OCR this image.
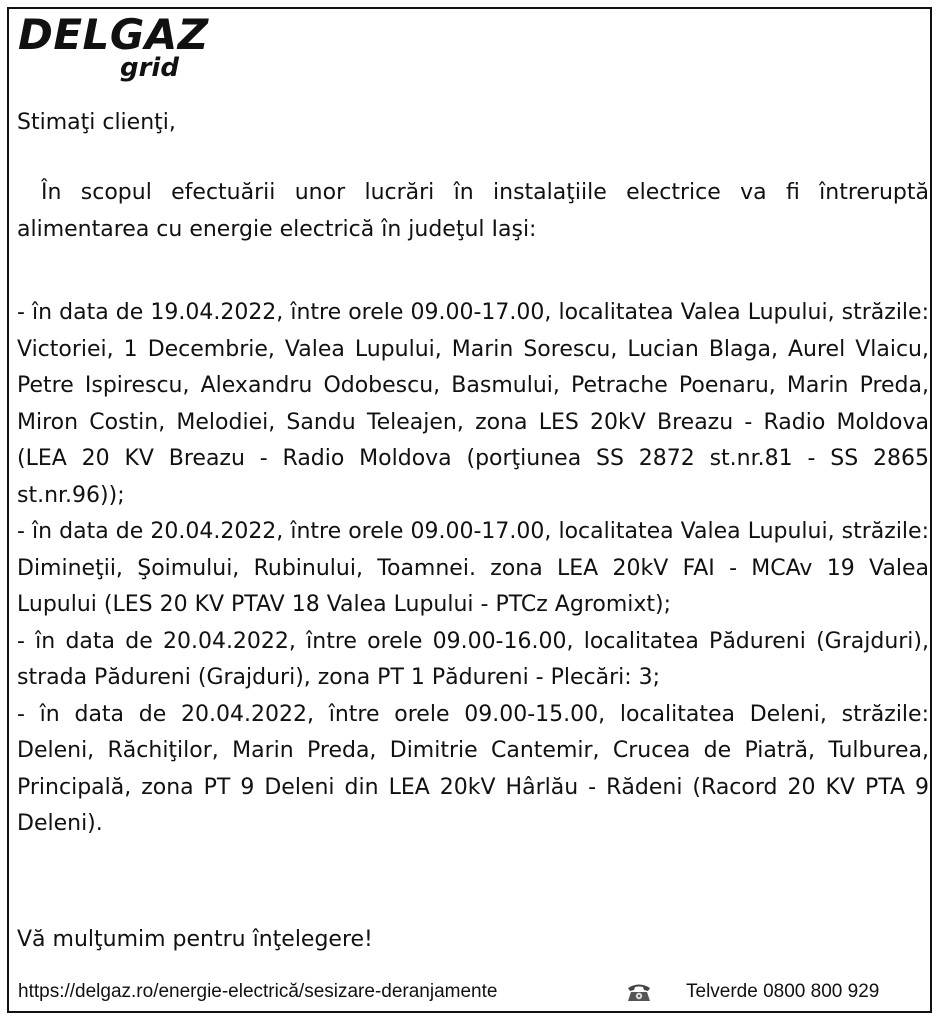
DELGAZ
grid

Stimaţi clienţi,

În scopul efectuării unor lucrări în instalaţiile electrice va fi întreruptă alimentarea cu energie electrică în judeţul Iaşi:

- în data de 19.04.2022, între orele 09.00-17.00, localitatea Valea Lupului, străzile: Victoriei, 1 Decembrie, Valea Lupului, Marin Sorescu, Lucian Blaga, Aurel Vlaicu, Petre Ispirescu, Alexandru Odobescu, Basmului, Petrache Poenaru, Marin Preda, Miron Costin, Melodiei, Sandu Teleajen, zona LES 20kV Breazu - Radio Moldova (LEA 20 KV Breazu - Radio Moldova (porţiunea SS 2872 st.nr.81 - SS 2865 st.nr.96));

- în data de 20.04.2022, între orele 09.00-17.00, localitatea Valea Lupului, străzile: Dimineţii, Şoimului, Rubinului, Toamnei. zona LEA 20kV FAI - MCAv 19 Valea Lupului (LES 20 KV PTAV 18 Valea Lupului - PTCz Agromixt);

- în data de 20.04.2022, între orele 09.00-16.00, localitatea Pădureni (Grajduri), strada Pădureni (Grajduri), zona PT 1 Pădureni - Plecări: 3;

- în data de 20.04.2022, între orele 09.00-15.00, localitatea Deleni, străzile: Deleni, Răchiţilor, Marin Preda, Dimitrie Cantemir, Crucea de Piatră, Tulburea, Principală, zona PT 9 Deleni din LEA 20kV Hârlău - Rădeni (Racord 20 KV PTA 9 Deleni).

Vă mulţumim pentru înţelegere!

https://delgaz.ro/energie-electrică/sesizare-deranjamente	Telverde 0800 800 929
